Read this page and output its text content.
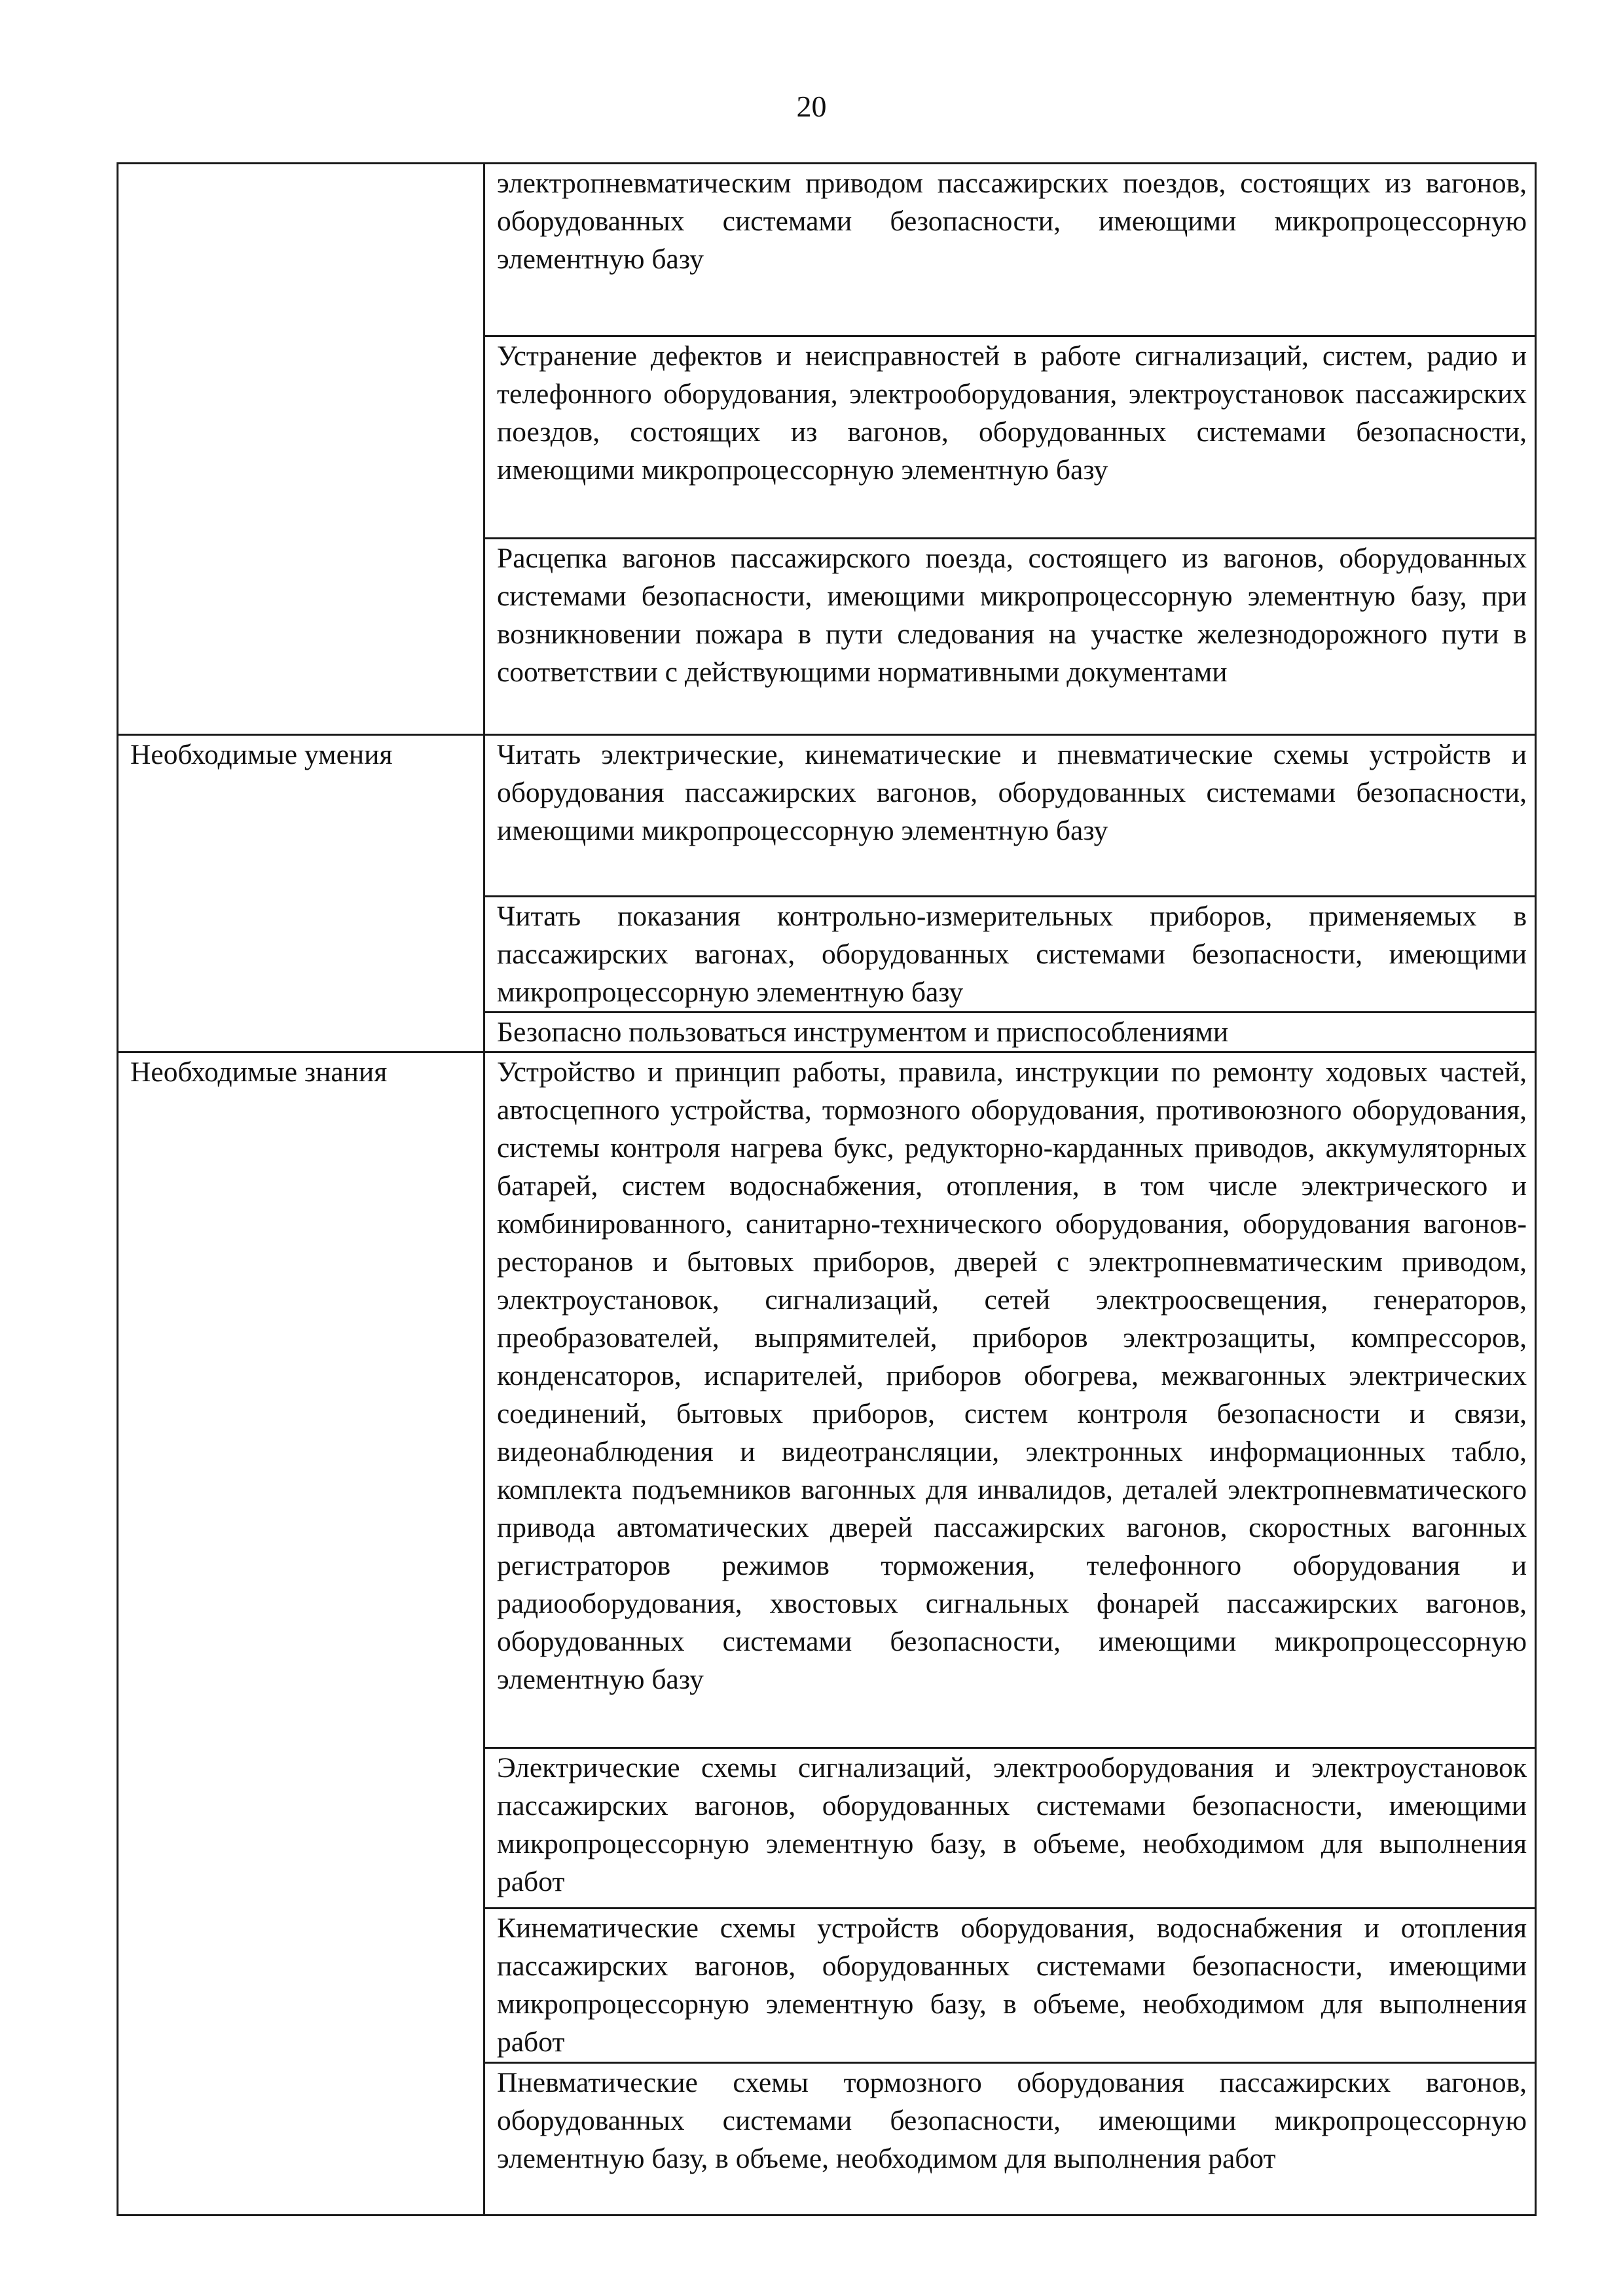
20
	электропневматическим приводом пассажирских поездов, состоящих из вагонов, оборудованных системами безопасности, имеющими микропроцессорную элементную базу
	Устранение дефектов и неисправностей в работе сигнализаций, систем, радио и телефонного оборудования, электрооборудования, электроустановок пассажирских поездов, состоящих из вагонов, оборудованных системами безопасности, имеющими микропроцессорную элементную базу
	Расцепка вагонов пассажирского поезда, состоящего из вагонов, оборудованных системами безопасности, имеющими микропроцессорную элементную базу, при возникновении пожара в пути следования на участке железнодорожного пути в соответствии с действующими нормативными документами
Необходимые умения	Читать электрические, кинематические и пневматические схемы устройств и оборудования пассажирских вагонов, оборудованных системами безопасности, имеющими микропроцессорную элементную базу
	Читать показания контрольно-измерительных приборов, применяемых в пассажирских вагонах, оборудованных системами безопасности, имеющими микропроцессорную элементную базу
	Безопасно пользоваться инструментом и приспособлениями
Необходимые знания	Устройство и принцип работы, правила, инструкции по ремонту ходовых частей, автосцепного устройства, тормозного оборудования, противоюзного оборудования, системы контроля нагрева букс, редукторно-карданных приводов, аккумуляторных батарей, систем водоснабжения, отопления, в том числе электрического и комбинированного, санитарно-технического оборудования, оборудования вагонов-ресторанов и бытовых приборов, дверей с электропневматическим приводом, электроустановок, сигнализаций, сетей электроосвещения, генераторов, преобразователей, выпрямителей, приборов электрозащиты, компрессоров, конденсаторов, испарителей, приборов обогрева, межвагонных электрических соединений, бытовых приборов, систем контроля безопасности и связи, видеонаблюдения и видеотрансляции, электронных информационных табло, комплекта подъемников вагонных для инвалидов, деталей электропневматического привода автоматических дверей пассажирских вагонов, скоростных вагонных регистраторов режимов торможения, телефонного оборудования и радиооборудования, хвостовых сигнальных фонарей пассажирских вагонов, оборудованных системами безопасности, имеющими микропроцессорную элементную базу
	Электрические схемы сигнализаций, электрооборудования и электроустановок пассажирских вагонов, оборудованных системами безопасности, имеющими микропроцессорную элементную базу, в объеме, необходимом для выполнения работ
	Кинематические схемы устройств оборудования, водоснабжения и отопления пассажирских вагонов, оборудованных системами безопасности, имеющими микропроцессорную элементную базу, в объеме, необходимом для выполнения работ
	Пневматические схемы тормозного оборудования пассажирских вагонов, оборудованных системами безопасности, имеющими микропроцессорную элементную базу, в объеме, необходимом для выполнения работ
